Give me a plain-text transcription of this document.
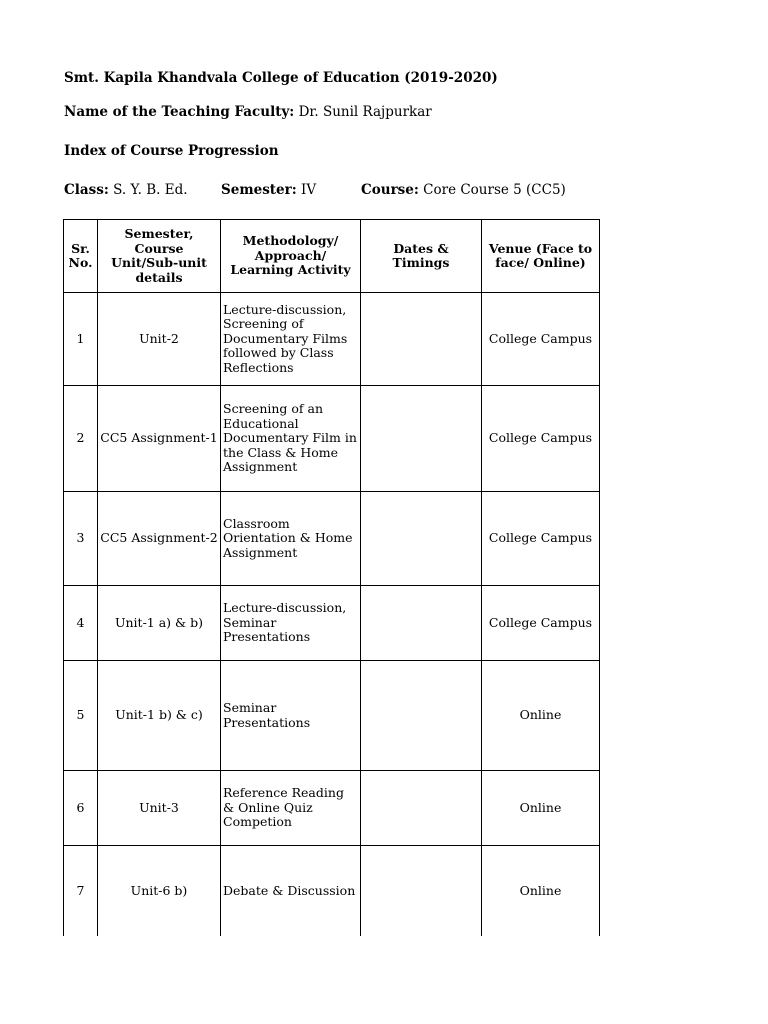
Smt. Kapila Khandvala College of Education (2019-2020)
Name of the Teaching Faculty: Dr. Sunil Rajpurkar
Index of Course Progression
Class: S. Y. B. Ed. Semester: IV	Course: Core Course 5 (CC5)
Sr. No.	Semester, Course Unit/Sub-unit details	Methodology/ Approach/ Learning Activity	Dates & Timings	Venue (Face to face/ Online)
1	Unit-2	Lecture-discussion, Screening of Documentary Films followed by Class Reflections		College Campus
2	CC5 Assignment-1	Screening of an Educational Documentary Film in the Class & Home Assignment		College Campus
3	CC5 Assignment-2	Classroom Orientation & Home Assignment		College Campus
4	Unit-1 a) & b)	Lecture-discussion, Seminar Presentations		College Campus
5	Unit-1 b) & c)	Seminar Presentations		Online
6	Unit-3	Reference Reading & Online Quiz Competion		Online
7	Unit-6 b)	Debate & Discussion		Online
